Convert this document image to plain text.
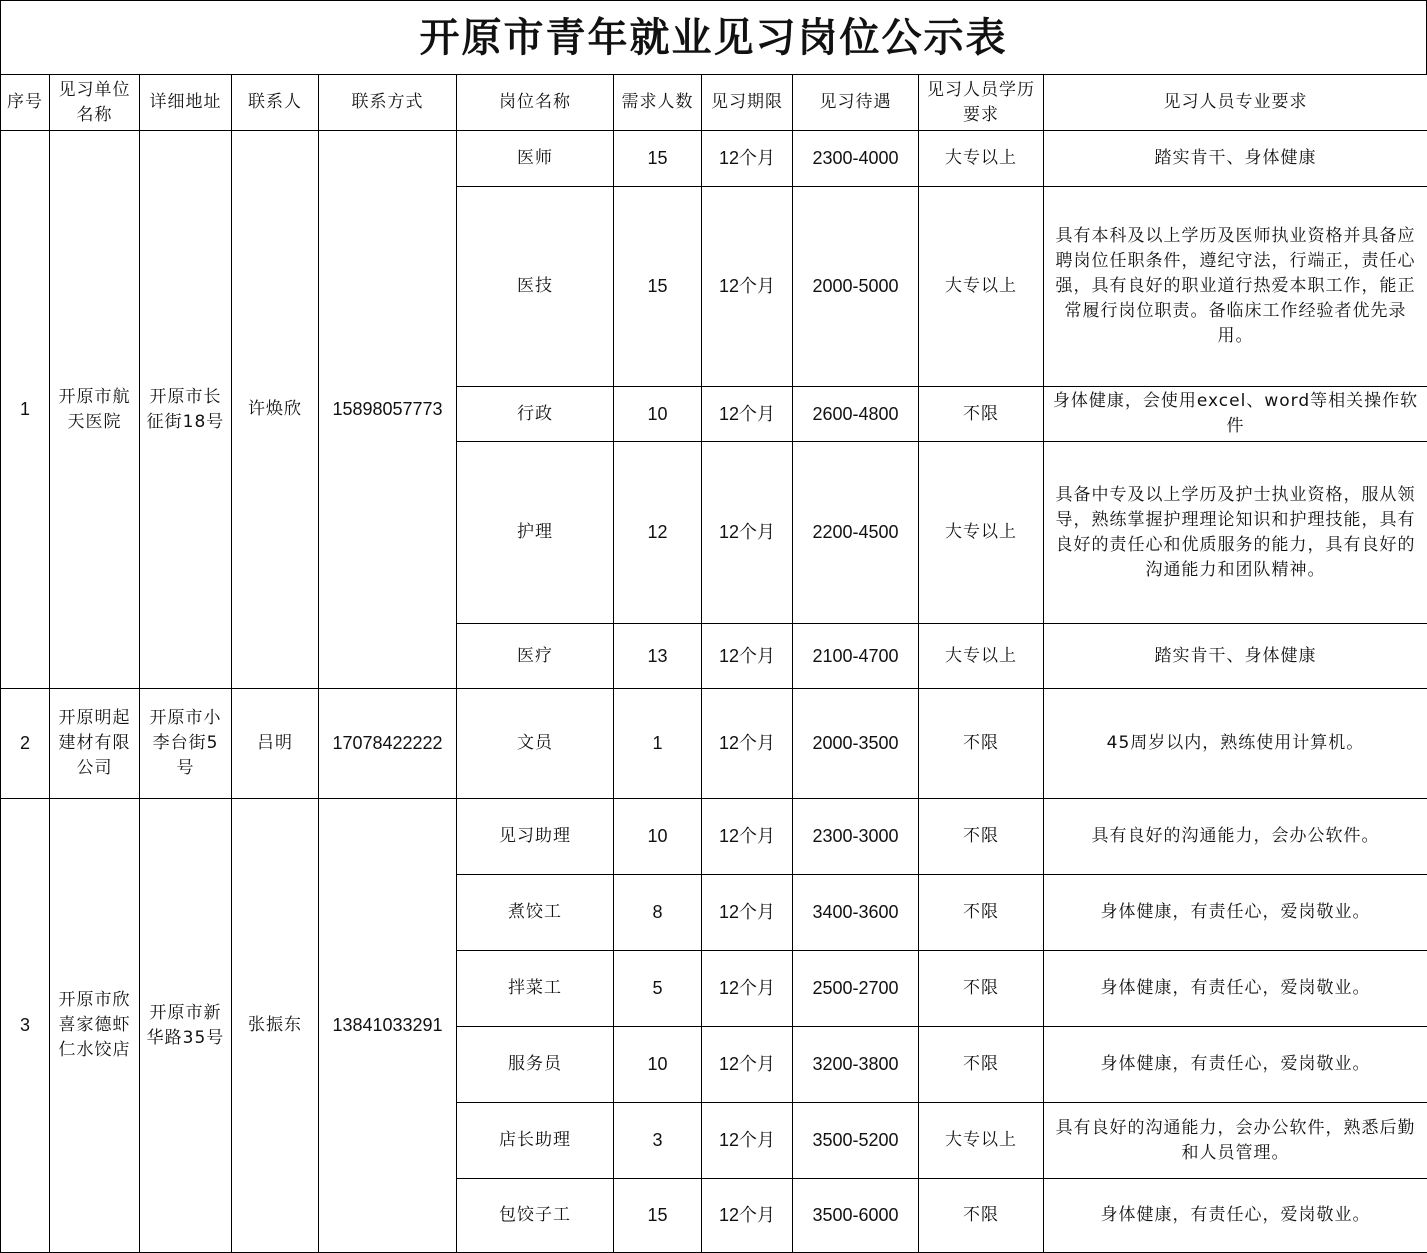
开原市青年就业见习岗位公示表
序号	见习单位名称	详细地址	联系人	联系方式	岗位名称	需求人数	见习期限	见习待遇	见习人员学历要求	见习人员专业要求
1	开原市航天医院	开原市长征街18号	许焕欣	15898057773	医师	15	12个月	2300-4000	大专以上	踏实肯干、身体健康
					医技	15	12个月	2000-5000	大专以上	具有本科及以上学历及医师执业资格并具备应聘岗位任职条件，遵纪守法，行端正，责任心强，具有良好的职业道行热爱本职工作，能正常履行岗位职责。备临床工作经验者优先录用。
					行政	10	12个月	2600-4800	不限	身体健康，会使用excel、word等相关操作软件
					护理	12	12个月	2200-4500	大专以上	具备中专及以上学历及护士执业资格，服从领导，熟练掌握护理理论知识和护理技能，具有良好的责任心和优质服务的能力，具有良好的沟通能力和团队精神。
					医疗	13	12个月	2100-4700	大专以上	踏实肯干、身体健康
2	开原明起建材有限公司	开原市小李台街5号	吕明	17078422222	文员	1	12个月	2000-3500	不限	45周岁以内，熟练使用计算机。
3	开原市欣喜家德虾仁水饺店	开原市新华路35号	张振东	13841033291	见习助理	10	12个月	2300-3000	不限	具有良好的沟通能力，会办公软件。
					煮饺工	8	12个月	3400-3600	不限	身体健康，有责任心，爱岗敬业。
					拌菜工	5	12个月	2500-2700	不限	身体健康，有责任心，爱岗敬业。
					服务员	10	12个月	3200-3800	不限	身体健康，有责任心，爱岗敬业。
					店长助理	3	12个月	3500-5200	大专以上	具有良好的沟通能力，会办公软件，熟悉后勤和人员管理。
					包饺子工	15	12个月	3500-6000	不限	身体健康，有责任心，爱岗敬业。
